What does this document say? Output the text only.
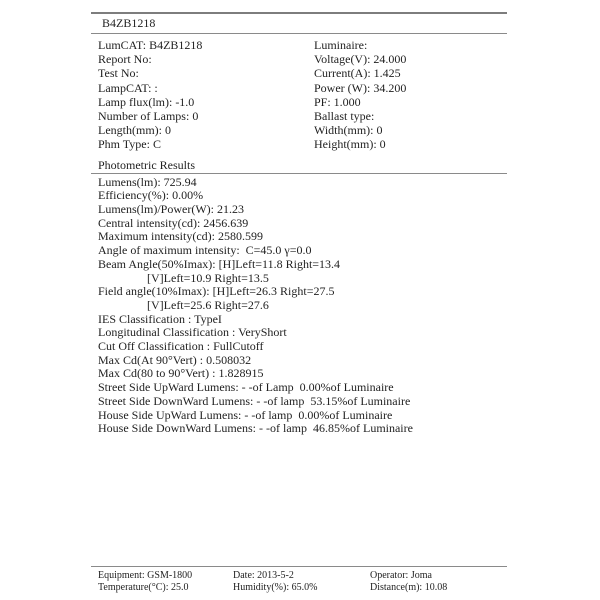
B4ZB1218
LumCAT: B4ZB1218
Report No:
Test No:
LampCAT: :
Lamp flux(lm): -1.0
Number of Lamps: 0
Length(mm): 0
Phm Type: C
Luminaire:
Voltage(V): 24.000
Current(A): 1.425
Power (W): 34.200
PF: 1.000
Ballast type:
Width(mm): 0
Height(mm): 0
Photometric Results
Lumens(lm): 725.94
Efficiency(%): 0.00%
Lumens(lm)/Power(W): 21.23
Central intensity(cd): 2456.639
Maximum intensity(cd): 2580.599
Angle of maximum intensity:  C=45.0 γ=0.0
Beam Angle(50%Imax): [H]Left=11.8 Right=13.4
[V]Left=10.9 Right=13.5
Field angle(10%Imax): [H]Left=26.3 Right=27.5
[V]Left=25.6 Right=27.6
IES Classification : TypeI
Longitudinal Classification : VeryShort
Cut Off Classification : FullCutoff
Max Cd(At 90°Vert) : 0.508032
Max Cd(80 to 90°Vert) : 1.828915
Street Side UpWard Lumens: - -of Lamp  0.00%of Luminaire
Street Side DownWard Lumens: - -of lamp  53.15%of Luminaire
House Side UpWard Lumens: - -of lamp  0.00%of Luminaire
House Side DownWard Lumens: - -of lamp  46.85%of Luminaire
Equipment: GSM-1800
Temperature(°C): 25.0
Date: 2013-5-2
Humidity(%): 65.0%
Operator: Joma
Distance(m): 10.08
